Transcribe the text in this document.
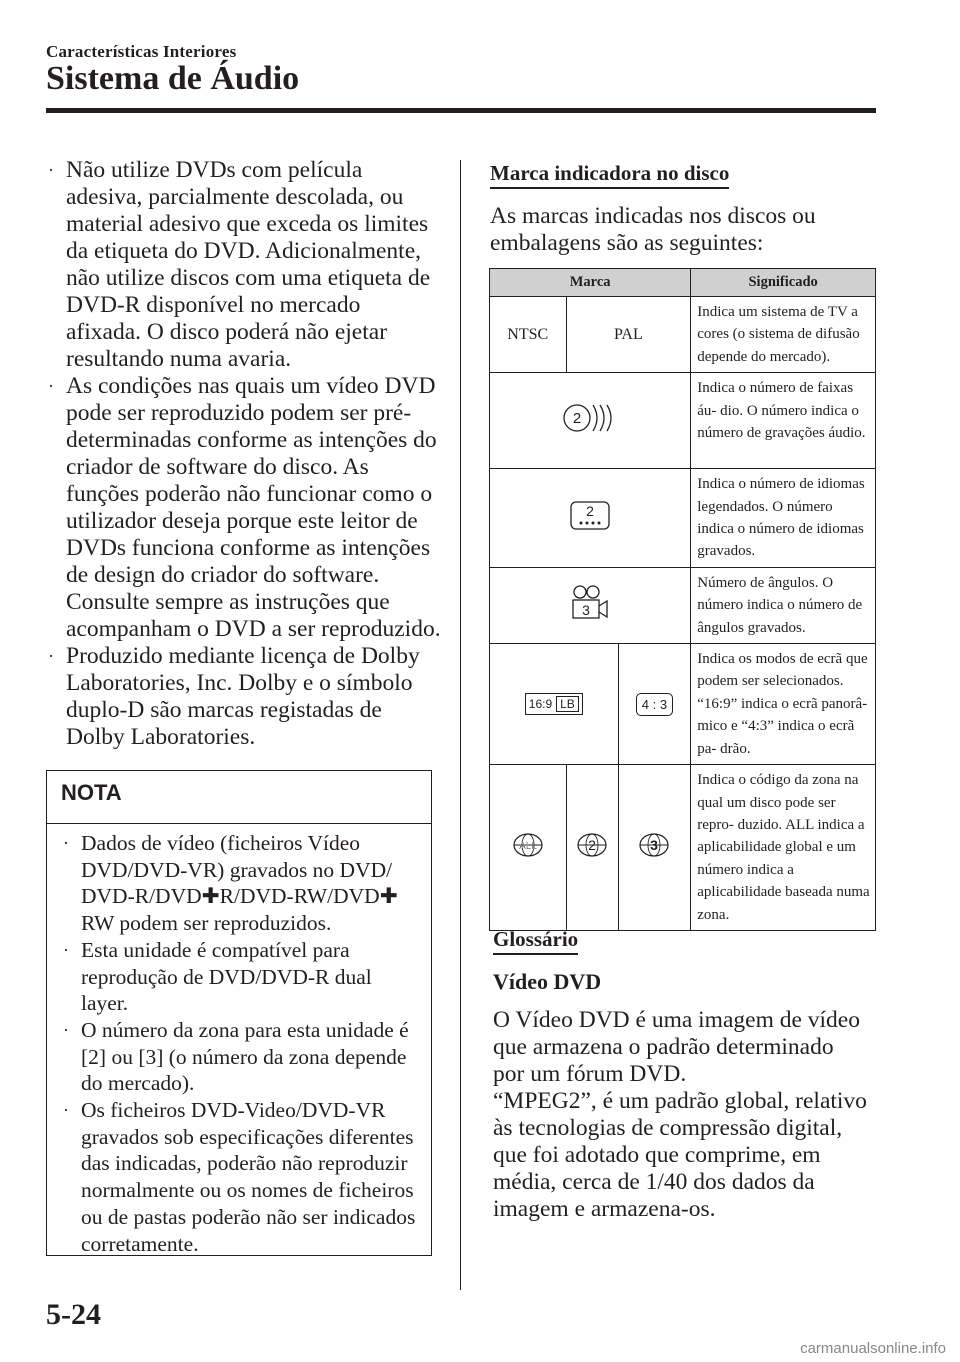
Características Interiores
Sistema de Áudio
· Não utilize DVDs com película adesiva, parcialmente descolada, ou material adesivo que exceda os limites da etiqueta do DVD. Adicionalmente, não utilize discos com uma etiqueta de DVD-R disponível no mercado afixada. O disco poderá não ejetar resultando numa avaria.
· As condições nas quais um vídeo DVD pode ser reproduzido podem ser pré-determinadas conforme as intenções do criador de software do disco. As funções poderão não funcionar como o utilizador deseja porque este leitor de DVDs funciona conforme as intenções de design do criador do software. Consulte sempre as instruções que acompanham o DVD a ser reproduzido.
· Produzido mediante licença de Dolby Laboratories, Inc. Dolby e o símbolo duplo-D são marcas registadas de Dolby Laboratories.
NOTA
· Dados de vídeo (ficheiros Vídeo DVD/DVD-VR) gravados no DVD/ DVD-R/DVD✚R/DVD-RW/DVD✚ RW podem ser reproduzidos.
· Esta unidade é compatível para reprodução de DVD/DVD-R dual layer.
· O número da zona para esta unidade é [2] ou [3] (o número da zona depende do mercado).
· Os ficheiros DVD-Video/DVD-VR gravados sob especificações diferentes das indicadas, poderão não reproduzir normalmente ou os nomes de ficheiros ou de pastas poderão não ser indicados corretamente.
Marca indicadora no disco

As marcas indicadas nos discos ou embalagens são as seguintes:

Marca			Significado
NTSC	PAL		Indica um sistema de TV a cores (o sistema de difusão depende do mercado).

2			Indica o número de faixas áu- dio. O número indica o número de gravações áudio.

2			Indica o número de idiomas legendados. O número indica o número de idiomas gravados.

3			Número de ângulos. O número indica o número de ângulos gravados.

16:9 LB		4 : 3	Indica os modos de ecrã que podem ser selecionados. “16:9” indica o ecrã panorâ- mico e “4:3” indica o ecrã pa- drão.

ALL	2	3	Indica o código da zona na qual um disco pode ser repro- duzido. ALL indica a aplicabilidade global e um número indica a aplicabilidade baseada numa zona.
Glossário
Vídeo DVD

O Vídeo DVD é uma imagem de vídeo que armazena o padrão determinado por um fórum DVD.

“MPEG2”, é um padrão global, relativo às tecnologias de compressão digital, que foi adotado que comprime, em média, cerca de 1/40 dos dados da imagem e armazena-os.

5-24
carmanualsonline.info
